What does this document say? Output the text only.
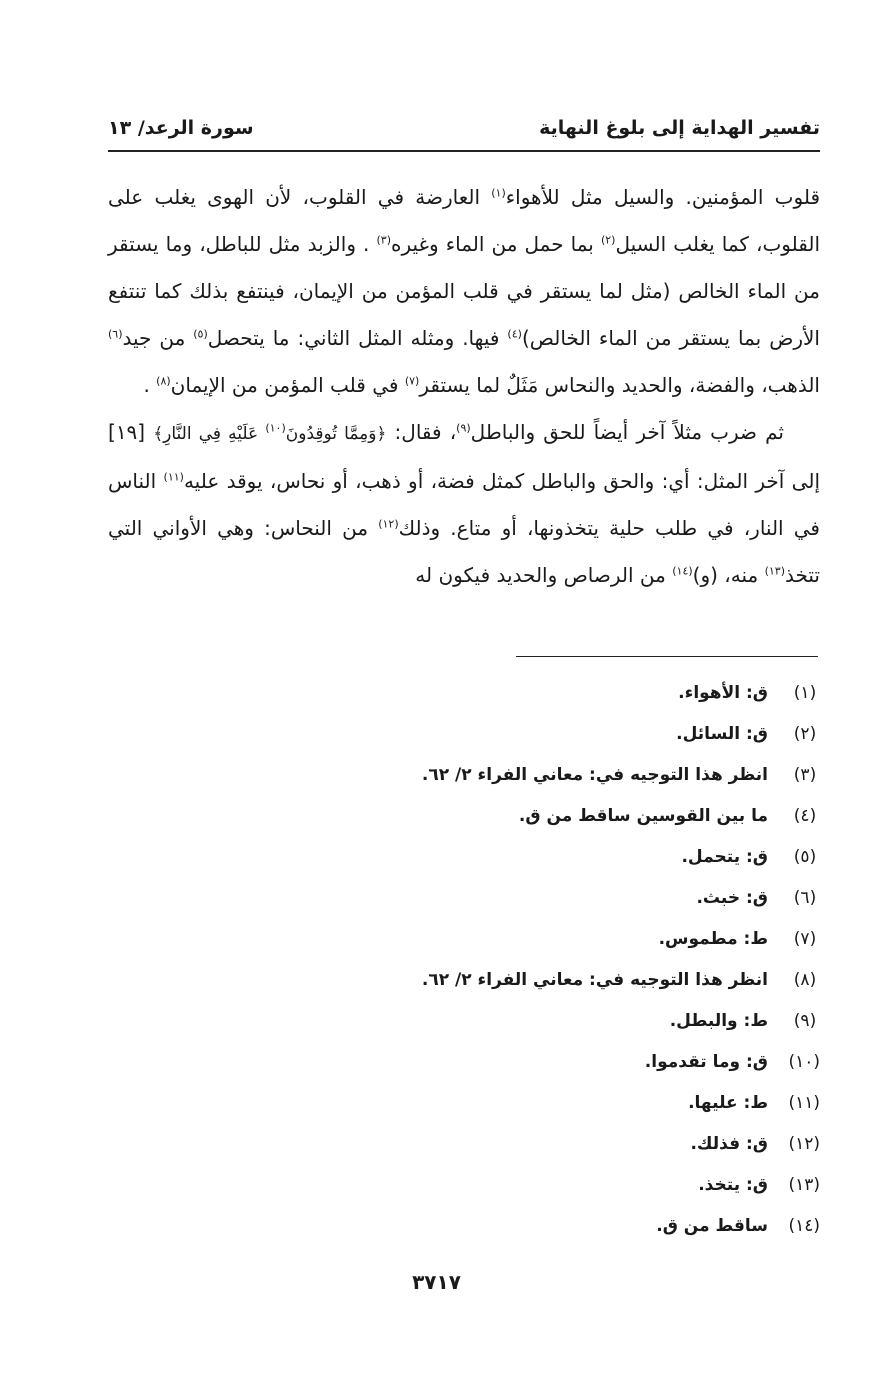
تفسير الهداية إلى بلوغ النهاية
سورة الرعد/ ١٣

قلوب المؤمنين. والسيل مثل للأهواء$^{(١)}$ العارضة في القلوب، لأن الهوى يغلب على القلوب، كما يغلب السيل$^{(٢)}$ بما حمل من الماء وغيره$^{(٣)}$ . والزبد مثل للباطل، وما يستقر من الماء الخالص (مثل لما يستقر في قلب المؤمن من الإيمان، فينتفع بذلك كما تنتفع الأرض بما يستقر من الماء الخالص)$^{(٤)}$ فيها. ومثله المثل الثاني: ما يتحصل$^{(٥)}$ من جيد$^{(٦)}$ الذهب، والفضة، والحديد والنحاس مَثَلٌ لما يستقر$^{(٧)}$ في قلب المؤمن من الإيمان$^{(٨)}$ .

ثم ضرب مثلاً آخر أيضاً للحق والباطل$^{(٩)}$، فقال: ﴿وَمِمَّا تُوقِدُونَ$^{(١٠)}$ عَلَيْهِ فِي النَّارِ﴾ [١٩] إلى آخر المثل: أي: والحق والباطل كمثل فضة، أو ذهب، أو نحاس، يوقد عليه$^{(١١)}$ الناس في النار، في طلب حلية يتخذونها، أو متاع. وذلك$^{(١٢)}$ من النحاس: وهي الأواني التي تتخذ$^{(١٣)}$ منه، (و)$^{(١٤)}$ من الرصاص والحديد فيكون له

(١)
ق: الأهواء.
(٢)
ق: السائل.
(٣)
انظر هذا التوجيه في: معاني الفراء ٢/ ٦٢.
(٤)
ما بين القوسين ساقط من ق.
(٥)
ق: يتحمل.
(٦)
ق: خبث.
(٧)
ط: مطموس.
(٨)
انظر هذا التوجيه في: معاني الفراء ٢/ ٦٢.
(٩)
ط: والبطل.
(١٠)
ق: وما تقدموا.
(١١)
ط: عليها.
(١٢)
ق: فذلك.
(١٣)
ق: يتخذ.
(١٤)
ساقط من ق.
٣٧١٧
